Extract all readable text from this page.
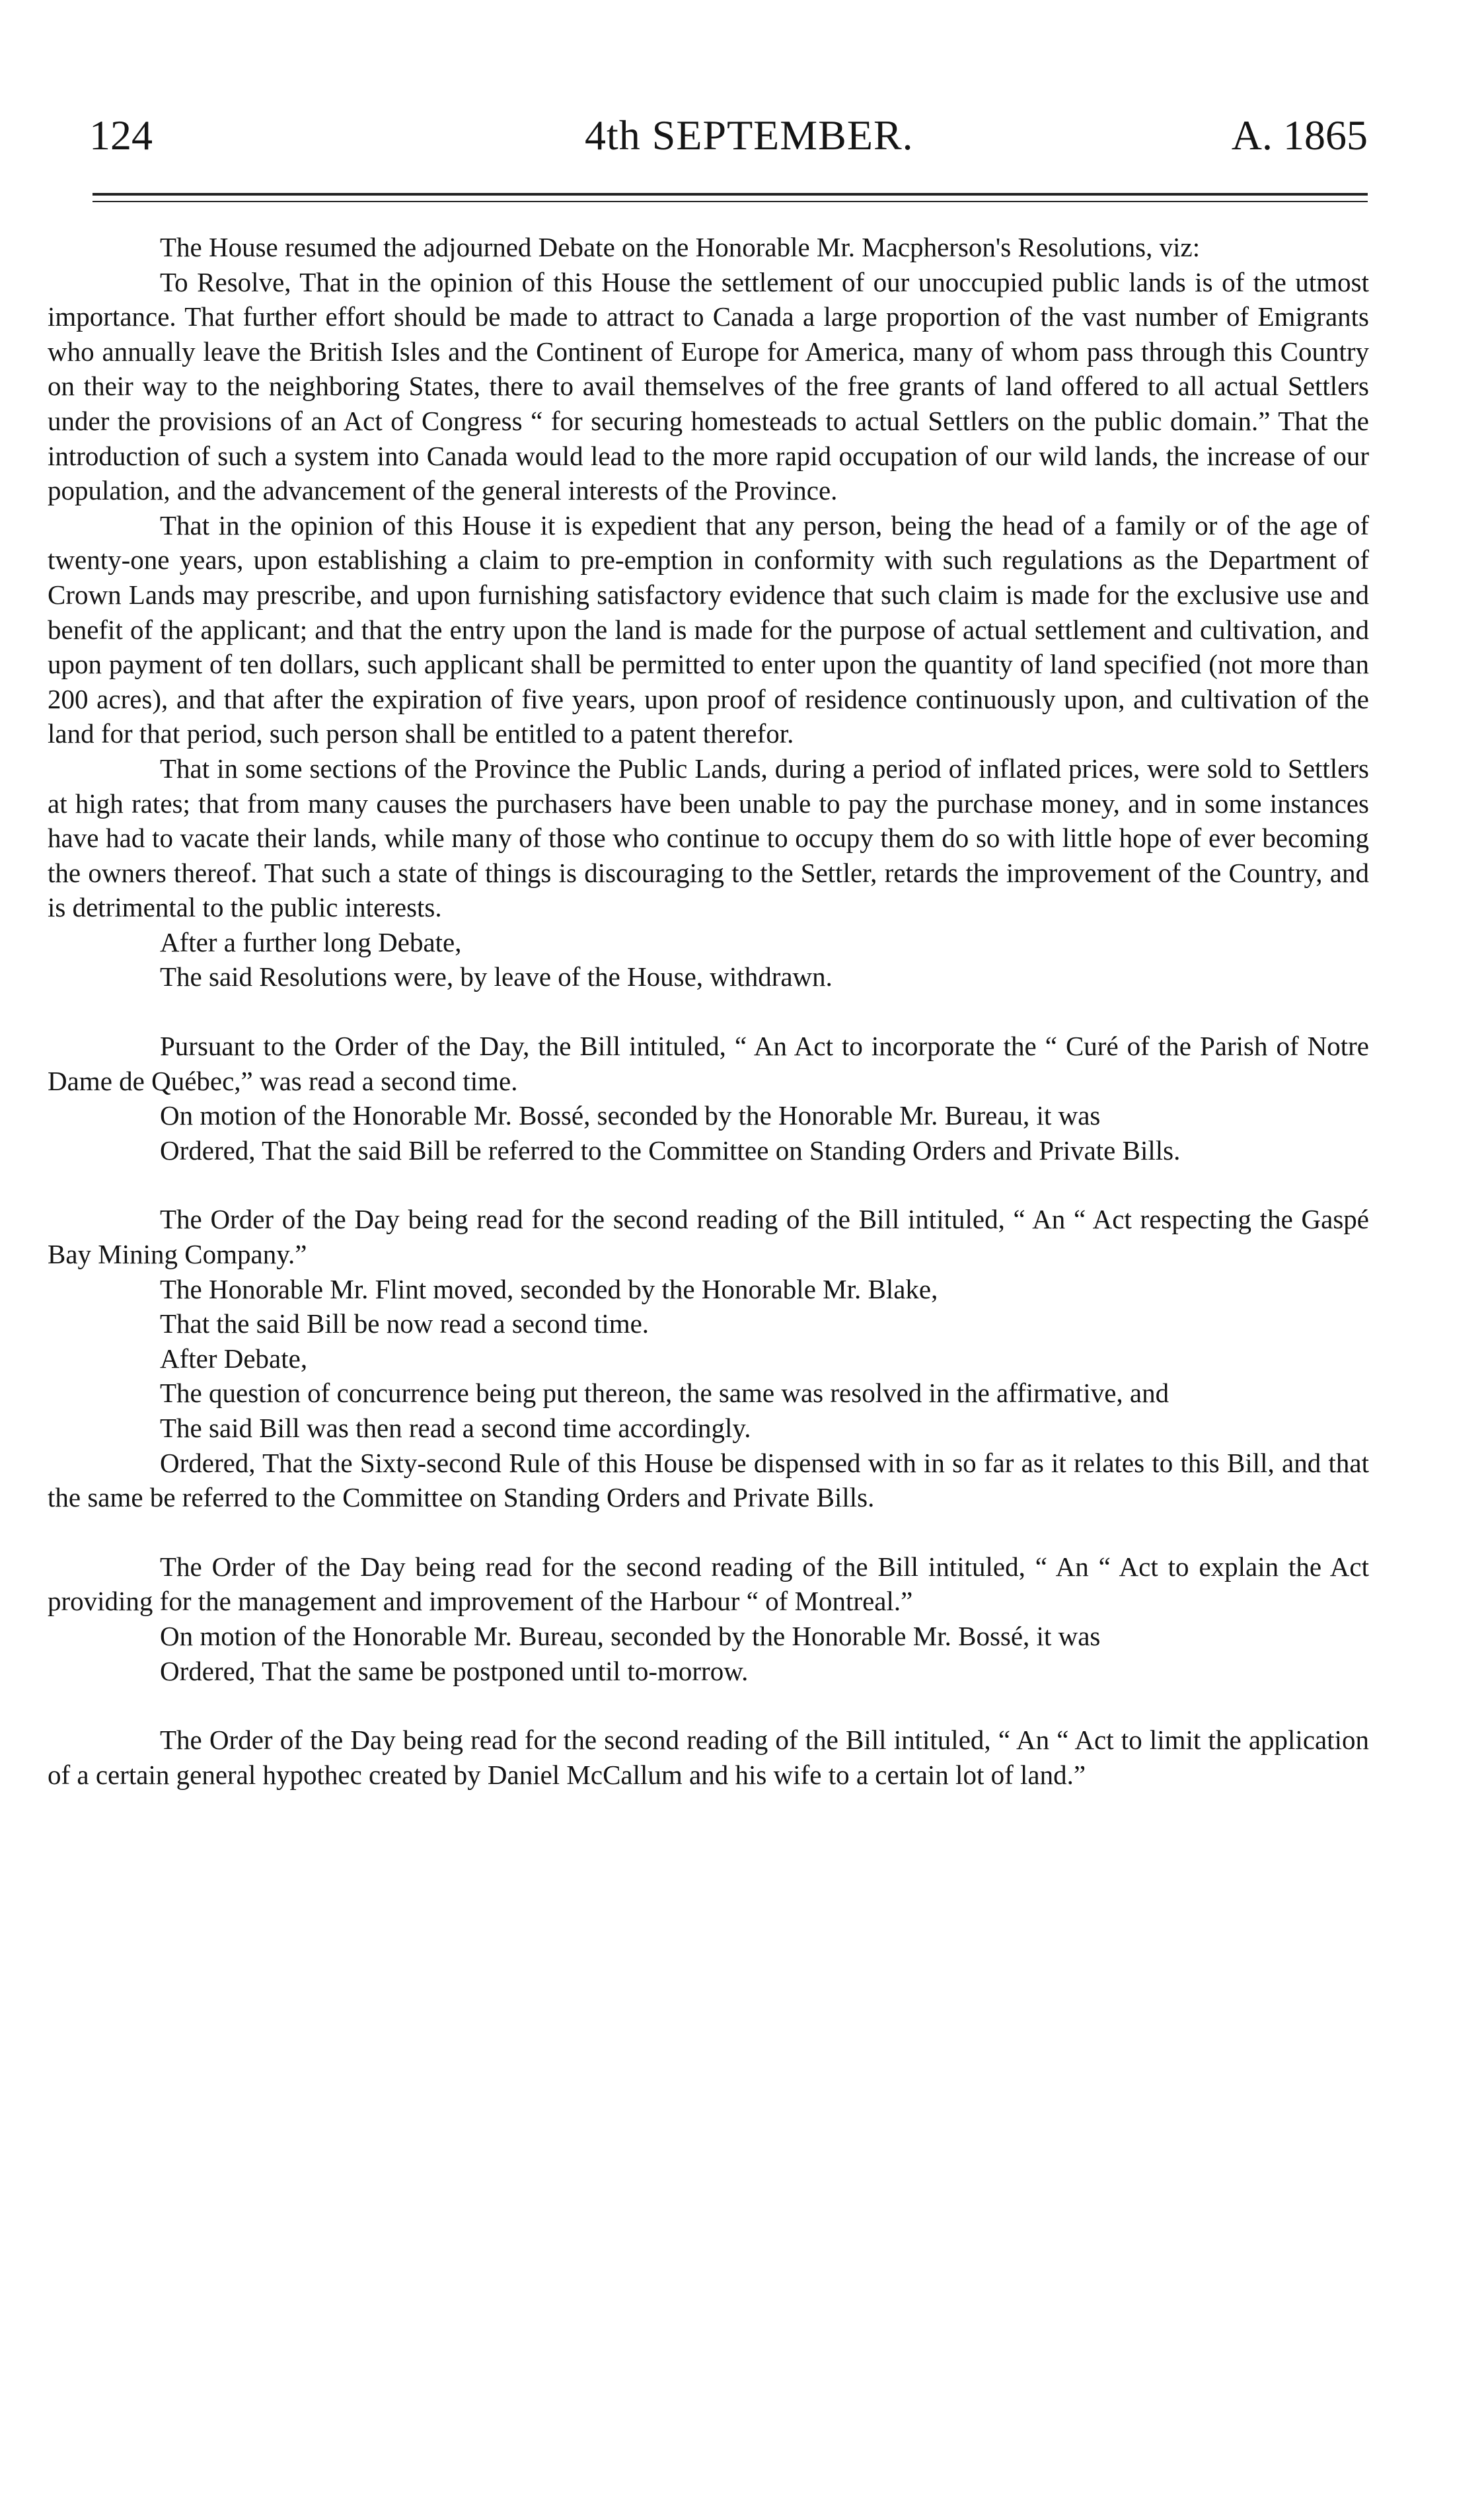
124	4th SEPTEMBER.	A. 1865

The House resumed the adjourned Debate on the Honorable Mr. Macpherson's Resolutions, viz:

To Resolve, That in the opinion of this House the settlement of our unoccupied public lands is of the utmost importance. That further effort should be made to attract to Canada a large proportion of the vast number of Emigrants who annually leave the British Isles and the Continent of Europe for America, many of whom pass through this Country on their way to the neighboring States, there to avail themselves of the free grants of land offered to all actual Settlers under the provisions of an Act of Congress “ for securing homesteads to actual Settlers on the public domain.” That the introduction of such a system into Canada would lead to the more rapid occupation of our wild lands, the increase of our population, and the advancement of the general interests of the Province.

That in the opinion of this House it is expedient that any person, being the head of a family or of the age of twenty-one years, upon establishing a claim to pre-emption in conformity with such regulations as the Department of Crown Lands may prescribe, and upon furnishing satisfactory evidence that such claim is made for the exclusive use and benefit of the applicant; and that the entry upon the land is made for the purpose of actual settlement and cultivation, and upon payment of ten dollars, such applicant shall be permitted to enter upon the quantity of land specified (not more than 200 acres), and that after the expiration of five years, upon proof of residence continuously upon, and cultivation of the land for that period, such person shall be entitled to a patent therefor.

That in some sections of the Province the Public Lands, during a period of inflated prices, were sold to Settlers at high rates; that from many causes the purchasers have been unable to pay the purchase money, and in some instances have had to vacate their lands, while many of those who continue to occupy them do so with little hope of ever becoming the owners thereof. That such a state of things is discouraging to the Settler, retards the improvement of the Country, and is detrimental to the public interests.

After a further long Debate,

The said Resolutions were, by leave of the House, withdrawn.

Pursuant to the Order of the Day, the Bill intituled, “ An Act to incorporate the “ Curé of the Parish of Notre Dame de Québec,” was read a second time.

On motion of the Honorable Mr. Bossé, seconded by the Honorable Mr. Bureau, it was

Ordered, That the said Bill be referred to the Committee on Standing Orders and Private Bills.

The Order of the Day being read for the second reading of the Bill intituled, “ An “ Act respecting the Gaspé Bay Mining Company.”

The Honorable Mr. Flint moved, seconded by the Honorable Mr. Blake,

That the said Bill be now read a second time.

After Debate,

The question of concurrence being put thereon, the same was resolved in the affirmative, and

The said Bill was then read a second time accordingly.

Ordered, That the Sixty-second Rule of this House be dispensed with in so far as it relates to this Bill, and that the same be referred to the Committee on Standing Orders and Private Bills.

The Order of the Day being read for the second reading of the Bill intituled, “ An “ Act to explain the Act providing for the management and improvement of the Harbour “ of Montreal.”

On motion of the Honorable Mr. Bureau, seconded by the Honorable Mr. Bossé, it was

Ordered, That the same be postponed until to-morrow.

The Order of the Day being read for the second reading of the Bill intituled, “ An “ Act to limit the application of a certain general hypothec created by Daniel McCallum and his wife to a certain lot of land.”
